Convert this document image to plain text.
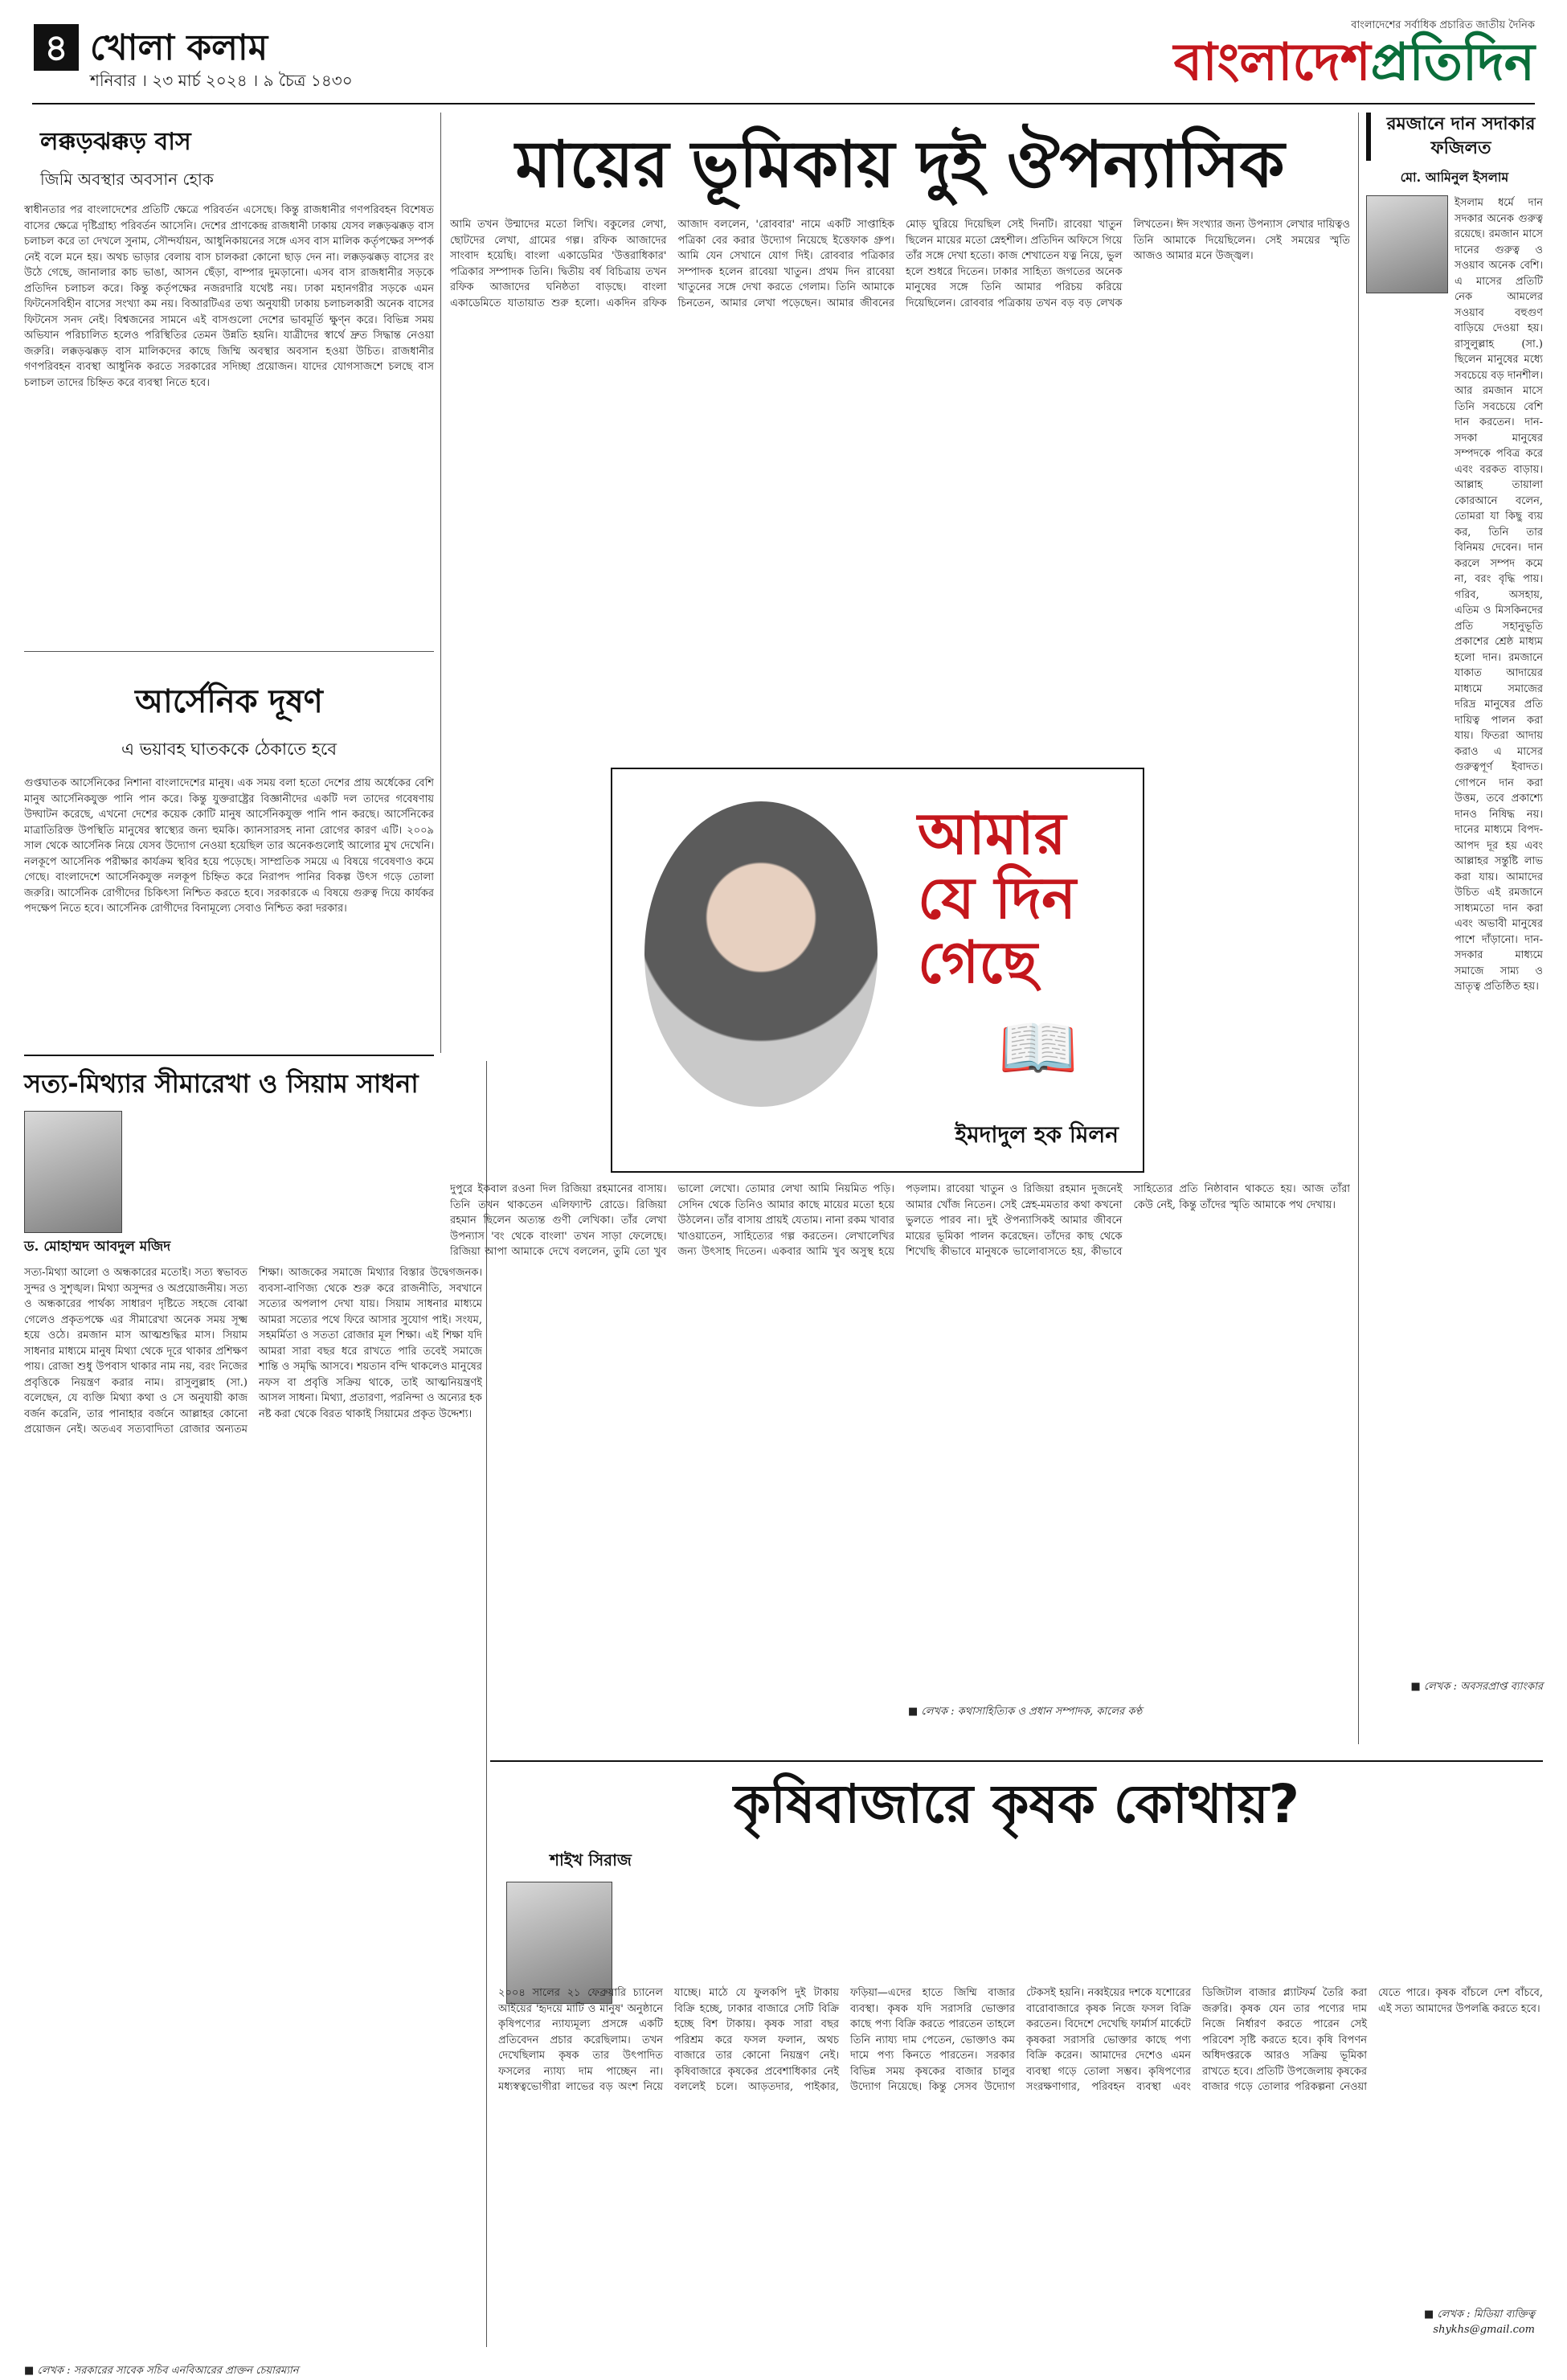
৪ খোলা কলাম
শনিবার । ২৩ মার্চ ২০২৪ । ৯ চৈত্র ১৪৩০
বাংলাদেশের সর্বাধিক প্রচারিত জাতীয় দৈনিক
বাংলাদেশপ্রতিদিন
লক্কড়ঝক্কড় বাস
জিমি অবস্থার অবসান হোক
স্বাধীনতার পর বাংলাদেশের প্রতিটি ক্ষেত্রে পরিবর্তন এসেছে। কিন্তু রাজধানীর গণপরিবহন বিশেষত বাসের ক্ষেত্রে দৃষ্টিগ্রাহ্য পরিবর্তন আসেনি। দেশের প্রাণকেন্দ্র রাজধানী ঢাকায় যেসব লক্কড়ঝক্কড় বাস চলাচল করে তা দেখলে সুনাম, সৌন্দর্যায়ন, আধুনিকায়নের সঙ্গে এসব বাস মালিক কর্তৃপক্ষের সম্পর্ক নেই বলে মনে হয়। অথচ ভাড়ার বেলায় বাস চালকরা কোনো ছাড় দেন না। লক্কড়ঝক্কড় বাসের রং উঠে গেছে, জানালার কাচ ভাঙা, আসন ছেঁড়া, বাম্পার দুমড়ানো। এসব বাস রাজধানীর সড়কে প্রতিদিন চলাচল করে। কিন্তু কর্তৃপক্ষের নজরদারি যথেষ্ট নয়। ঢাকা মহানগরীর সড়কে এমন ফিটনেসবিহীন বাসের সংখ্যা কম নয়। বিআরটিএর তথ্য অনুযায়ী ঢাকায় চলাচলকারী অনেক বাসের ফিটনেস সনদ নেই। বিশ্বজনের সামনে এই বাসগুলো দেশের ভাবমূর্তি ক্ষুণ্ন করে। বিভিন্ন সময় অভিযান পরিচালিত হলেও পরিস্থিতির তেমন উন্নতি হয়নি। যাত্রীদের স্বার্থে দ্রুত সিদ্ধান্ত নেওয়া জরুরি। লক্কড়ঝক্কড় বাস মালিকদের কাছে জিম্মি অবস্থার অবসান হওয়া উচিত। রাজধানীর গণপরিবহন ব্যবস্থা আধুনিক করতে সরকারের সদিচ্ছা প্রয়োজন। যাদের যোগসাজশে চলছে বাস চলাচল তাদের চিহ্নিত করে ব্যবস্থা নিতে হবে।
আর্সেনিক দূষণ
এ ভয়াবহ ঘাতককে ঠেকাতে হবে
গুপ্তঘাতক আর্সেনিকের নিশানা বাংলাদেশের মানুষ। এক সময় বলা হতো দেশের প্রায় অর্ধেকের বেশি মানুষ আর্সেনিকযুক্ত পানি পান করে। কিন্তু যুক্তরাষ্ট্রের বিজ্ঞানীদের একটি দল তাদের গবেষণায় উদ্ঘাটন করেছে, এখনো দেশের কয়েক কোটি মানুষ আর্সেনিকযুক্ত পানি পান করছে। আর্সেনিকের মাত্রাতিরিক্ত উপস্থিতি মানুষের স্বাস্থ্যের জন্য হুমকি। ক্যানসারসহ নানা রোগের কারণ এটি। ২০০৯ সাল থেকে আর্সেনিক নিয়ে যেসব উদ্যোগ নেওয়া হয়েছিল তার অনেকগুলোই আলোর মুখ দেখেনি। নলকূপে আর্সেনিক পরীক্ষার কার্যক্রম স্থবির হয়ে পড়েছে। সাম্প্রতিক সময়ে এ বিষয়ে গবেষণাও কমে গেছে। বাংলাদেশে আর্সেনিকযুক্ত নলকূপ চিহ্নিত করে নিরাপদ পানির বিকল্প উৎস গড়ে তোলা জরুরি। আর্সেনিক রোগীদের চিকিৎসা নিশ্চিত করতে হবে। সরকারকে এ বিষয়ে গুরুত্ব দিয়ে কার্যকর পদক্ষেপ নিতে হবে। আর্সেনিক রোগীদের বিনামূল্যে সেবাও নিশ্চিত করা দরকার।
সত্য-মিথ্যার সীমারেখা ও সিয়াম সাধনা
ড. মোহাম্মদ আবদুল মজিদ
সত্য-মিথ্যা আলো ও অন্ধকারের মতোই। সত্য স্বভাবত সুন্দর ও সুশৃঙ্খল। মিথ্যা অসুন্দর ও অপ্রয়োজনীয়। সত্য ও অন্ধকারের পার্থক্য সাধারণ দৃষ্টিতে সহজে বোঝা গেলেও প্রকৃতপক্ষে এর সীমারেখা অনেক সময় সূক্ষ্ম হয়ে ওঠে। রমজান মাস আত্মশুদ্ধির মাস। সিয়াম সাধনার মাধ্যমে মানুষ মিথ্যা থেকে দূরে থাকার প্রশিক্ষণ পায়। রোজা শুধু উপবাস থাকার নাম নয়, বরং নিজের প্রবৃত্তিকে নিয়ন্ত্রণ করার নাম। রাসুলুল্লাহ (সা.) বলেছেন, যে ব্যক্তি মিথ্যা কথা ও সে অনুযায়ী কাজ বর্জন করেনি, তার পানাহার বর্জনে আল্লাহর কোনো প্রয়োজন নেই। অতএব সত্যবাদিতা রোজার অন্যতম শিক্ষা। আজকের সমাজে মিথ্যার বিস্তার উদ্বেগজনক। ব্যবসা-বাণিজ্য থেকে শুরু করে রাজনীতি, সবখানে সত্যের অপলাপ দেখা যায়। সিয়াম সাধনার মাধ্যমে আমরা সত্যের পথে ফিরে আসার সুযোগ পাই। সংযম, সহমর্মিতা ও সততা রোজার মূল শিক্ষা। এই শিক্ষা যদি আমরা সারা বছর ধরে রাখতে পারি তবেই সমাজে শান্তি ও সমৃদ্ধি আসবে। শয়তান বন্দি থাকলেও মানুষের নফস বা প্রবৃত্তি সক্রিয় থাকে, তাই আত্মনিয়ন্ত্রণই আসল সাধনা। মিথ্যা, প্রতারণা, পরনিন্দা ও অন্যের হক নষ্ট করা থেকে বিরত থাকাই সিয়ামের প্রকৃত উদ্দেশ্য।
■ লেখক : সরকারের সাবেক সচিব এনবিআরের প্রাক্তন চেয়ারম্যান
মায়ের ভূমিকায় দুই ঔপন্যাসিক
আমি তখন উন্মাদের মতো লিখি। বকুলের লেখা, ছোটদের লেখা, গ্রামের গল্প। রফিক আজাদের সাংবাদ হয়েছি। বাংলা একাডেমির 'উত্তরাধিকার' পত্রিকার সম্পাদক তিনি। দ্বিতীয় বর্ষ বিচিত্রায় তখন রফিক আজাদের ঘনিষ্ঠতা বাড়ছে। বাংলা একাডেমিতে যাতায়াত শুরু হলো। একদিন রফিক আজাদ বললেন, 'রোববার' নামে একটি সাপ্তাহিক পত্রিকা বের করার উদ্যোগ নিয়েছে ইত্তেফাক গ্রুপ। আমি যেন সেখানে যোগ দিই। রোববার পত্রিকার সম্পাদক হলেন রাবেয়া খাতুন। প্রথম দিন রাবেয়া খাতুনের সঙ্গে দেখা করতে গেলাম। তিনি আমাকে চিনতেন, আমার লেখা পড়েছেন। আমার জীবনের মোড় ঘুরিয়ে দিয়েছিল সেই দিনটি। রাবেয়া খাতুন ছিলেন মায়ের মতো স্নেহশীল। প্রতিদিন অফিসে গিয়ে তাঁর সঙ্গে দেখা হতো। কাজ শেখাতেন যত্ন নিয়ে, ভুল হলে শুধরে দিতেন। ঢাকার সাহিত্য জগতের অনেক মানুষের সঙ্গে তিনি আমার পরিচয় করিয়ে দিয়েছিলেন। রোববার পত্রিকায় তখন বড় বড় লেখক লিখতেন। ঈদ সংখ্যার জন্য উপন্যাস লেখার দায়িত্বও তিনি আমাকে দিয়েছিলেন। সেই সময়ের স্মৃতি আজও আমার মনে উজ্জ্বল।
আমার
যে দিন
গেছে
📖
ইমদাদুল হক মিলন
দুপুরে ইকবাল রওনা দিল রিজিয়া রহমানের বাসায়। তিনি তখন থাকতেন এলিফ্যান্ট রোডে। রিজিয়া রহমান ছিলেন অত্যন্ত গুণী লেখিকা। তাঁর লেখা উপন্যাস 'বং থেকে বাংলা' তখন সাড়া ফেলেছে। রিজিয়া আপা আমাকে দেখে বললেন, তুমি তো খুব ভালো লেখো। তোমার লেখা আমি নিয়মিত পড়ি। সেদিন থেকে তিনিও আমার কাছে মায়ের মতো হয়ে উঠলেন। তাঁর বাসায় প্রায়ই যেতাম। নানা রকম খাবার খাওয়াতেন, সাহিত্যের গল্প করতেন। লেখালেখির জন্য উৎসাহ দিতেন। একবার আমি খুব অসুস্থ হয়ে পড়লাম। রাবেয়া খাতুন ও রিজিয়া রহমান দুজনেই আমার খোঁজ নিতেন। সেই স্নেহ-মমতার কথা কখনো ভুলতে পারব না। দুই ঔপন্যাসিকই আমার জীবনে মায়ের ভূমিকা পালন করেছেন। তাঁদের কাছ থেকে শিখেছি কীভাবে মানুষকে ভালোবাসতে হয়, কীভাবে সাহিত্যের প্রতি নিষ্ঠাবান থাকতে হয়। আজ তাঁরা কেউ নেই, কিন্তু তাঁদের স্মৃতি আমাকে পথ দেখায়।
■ লেখক : কথাসাহিত্যিক ও প্রধান সম্পাদক, কালের কণ্ঠ
রমজানে দান সদাকার ফজিলত
মো. আমিনুল ইসলাম
ইসলাম ধর্মে দান সদকার অনেক গুরুত্ব রয়েছে। রমজান মাসে দানের গুরুত্ব ও সওয়াব অনেক বেশি। এ মাসের প্রতিটি নেক আমলের সওয়াব বহুগুণ বাড়িয়ে দেওয়া হয়। রাসুলুল্লাহ (সা.) ছিলেন মানুষের মধ্যে সবচেয়ে বড় দানশীল। আর রমজান মাসে তিনি সবচেয়ে বেশি দান করতেন। দান-সদকা মানুষের সম্পদকে পবিত্র করে এবং বরকত বাড়ায়। আল্লাহ তায়ালা কোরআনে বলেন, তোমরা যা কিছু ব্যয় কর, তিনি তার বিনিময় দেবেন। দান করলে সম্পদ কমে না, বরং বৃদ্ধি পায়। গরিব, অসহায়, এতিম ও মিসকিনদের প্রতি সহানুভূতি প্রকাশের শ্রেষ্ঠ মাধ্যম হলো দান। রমজানে যাকাত আদায়ের মাধ্যমে সমাজের দরিদ্র মানুষের প্রতি দায়িত্ব পালন করা যায়। ফিতরা আদায় করাও এ মাসের গুরুত্বপূর্ণ ইবাদত। গোপনে দান করা উত্তম, তবে প্রকাশ্যে দানও নিষিদ্ধ নয়। দানের মাধ্যমে বিপদ-আপদ দূর হয় এবং আল্লাহর সন্তুষ্টি লাভ করা যায়। আমাদের উচিত এই রমজানে সাধ্যমতো দান করা এবং অভাবী মানুষের পাশে দাঁড়ানো। দান-সদকার মাধ্যমে সমাজে সাম্য ও ভ্রাতৃত্ব প্রতিষ্ঠিত হয়।
■ লেখক : অবসরপ্রাপ্ত ব্যাংকার
কৃষিবাজারে কৃষক কোথায়?
শাইখ সিরাজ
২০০৪ সালের ২১ ফেব্রুয়ারি চ্যানেল আইয়ের 'হৃদয়ে মাটি ও মানুষ' অনুষ্ঠানে কৃষিপণ্যের ন্যায্যমূল্য প্রসঙ্গে একটি প্রতিবেদন প্রচার করেছিলাম। তখন দেখেছিলাম কৃষক তার উৎপাদিত ফসলের ন্যায্য দাম পাচ্ছেন না। মধ্যস্বত্বভোগীরা লাভের বড় অংশ নিয়ে যাচ্ছে। মাঠে যে ফুলকপি দুই টাকায় বিক্রি হচ্ছে, ঢাকার বাজারে সেটি বিক্রি হচ্ছে বিশ টাকায়। কৃষক সারা বছর পরিশ্রম করে ফসল ফলান, অথচ বাজারে তার কোনো নিয়ন্ত্রণ নেই। কৃষিবাজারে কৃষকের প্রবেশাধিকার নেই বললেই চলে। আড়তদার, পাইকার, ফড়িয়া—এদের হাতে জিম্মি বাজার ব্যবস্থা। কৃষক যদি সরাসরি ভোক্তার কাছে পণ্য বিক্রি করতে পারতেন তাহলে তিনি ন্যায্য দাম পেতেন, ভোক্তাও কম দামে পণ্য কিনতে পারতেন। সরকার বিভিন্ন সময় কৃষকের বাজার চালুর উদ্যোগ নিয়েছে। কিন্তু সেসব উদ্যোগ টেকসই হয়নি। নব্বইয়ের দশকে যশোরের বারোবাজারে কৃষক নিজে ফসল বিক্রি করতেন। বিদেশে দেখেছি ফার্মার্স মার্কেটে কৃষকরা সরাসরি ভোক্তার কাছে পণ্য বিক্রি করেন। আমাদের দেশেও এমন ব্যবস্থা গড়ে তোলা সম্ভব। কৃষিপণ্যের সংরক্ষণাগার, পরিবহন ব্যবস্থা এবং ডিজিটাল বাজার প্ল্যাটফর্ম তৈরি করা জরুরি। কৃষক যেন তার পণ্যের দাম নিজে নির্ধারণ করতে পারেন সেই পরিবেশ সৃষ্টি করতে হবে। কৃষি বিপণন অধিদপ্তরকে আরও সক্রিয় ভূমিকা রাখতে হবে। প্রতিটি উপজেলায় কৃষকের বাজার গড়ে তোলার পরিকল্পনা নেওয়া যেতে পারে। কৃষক বাঁচলে দেশ বাঁচবে, এই সত্য আমাদের উপলব্ধি করতে হবে।
■ লেখক : মিডিয়া ব্যক্তিত্ব
shykhs@gmail.com
